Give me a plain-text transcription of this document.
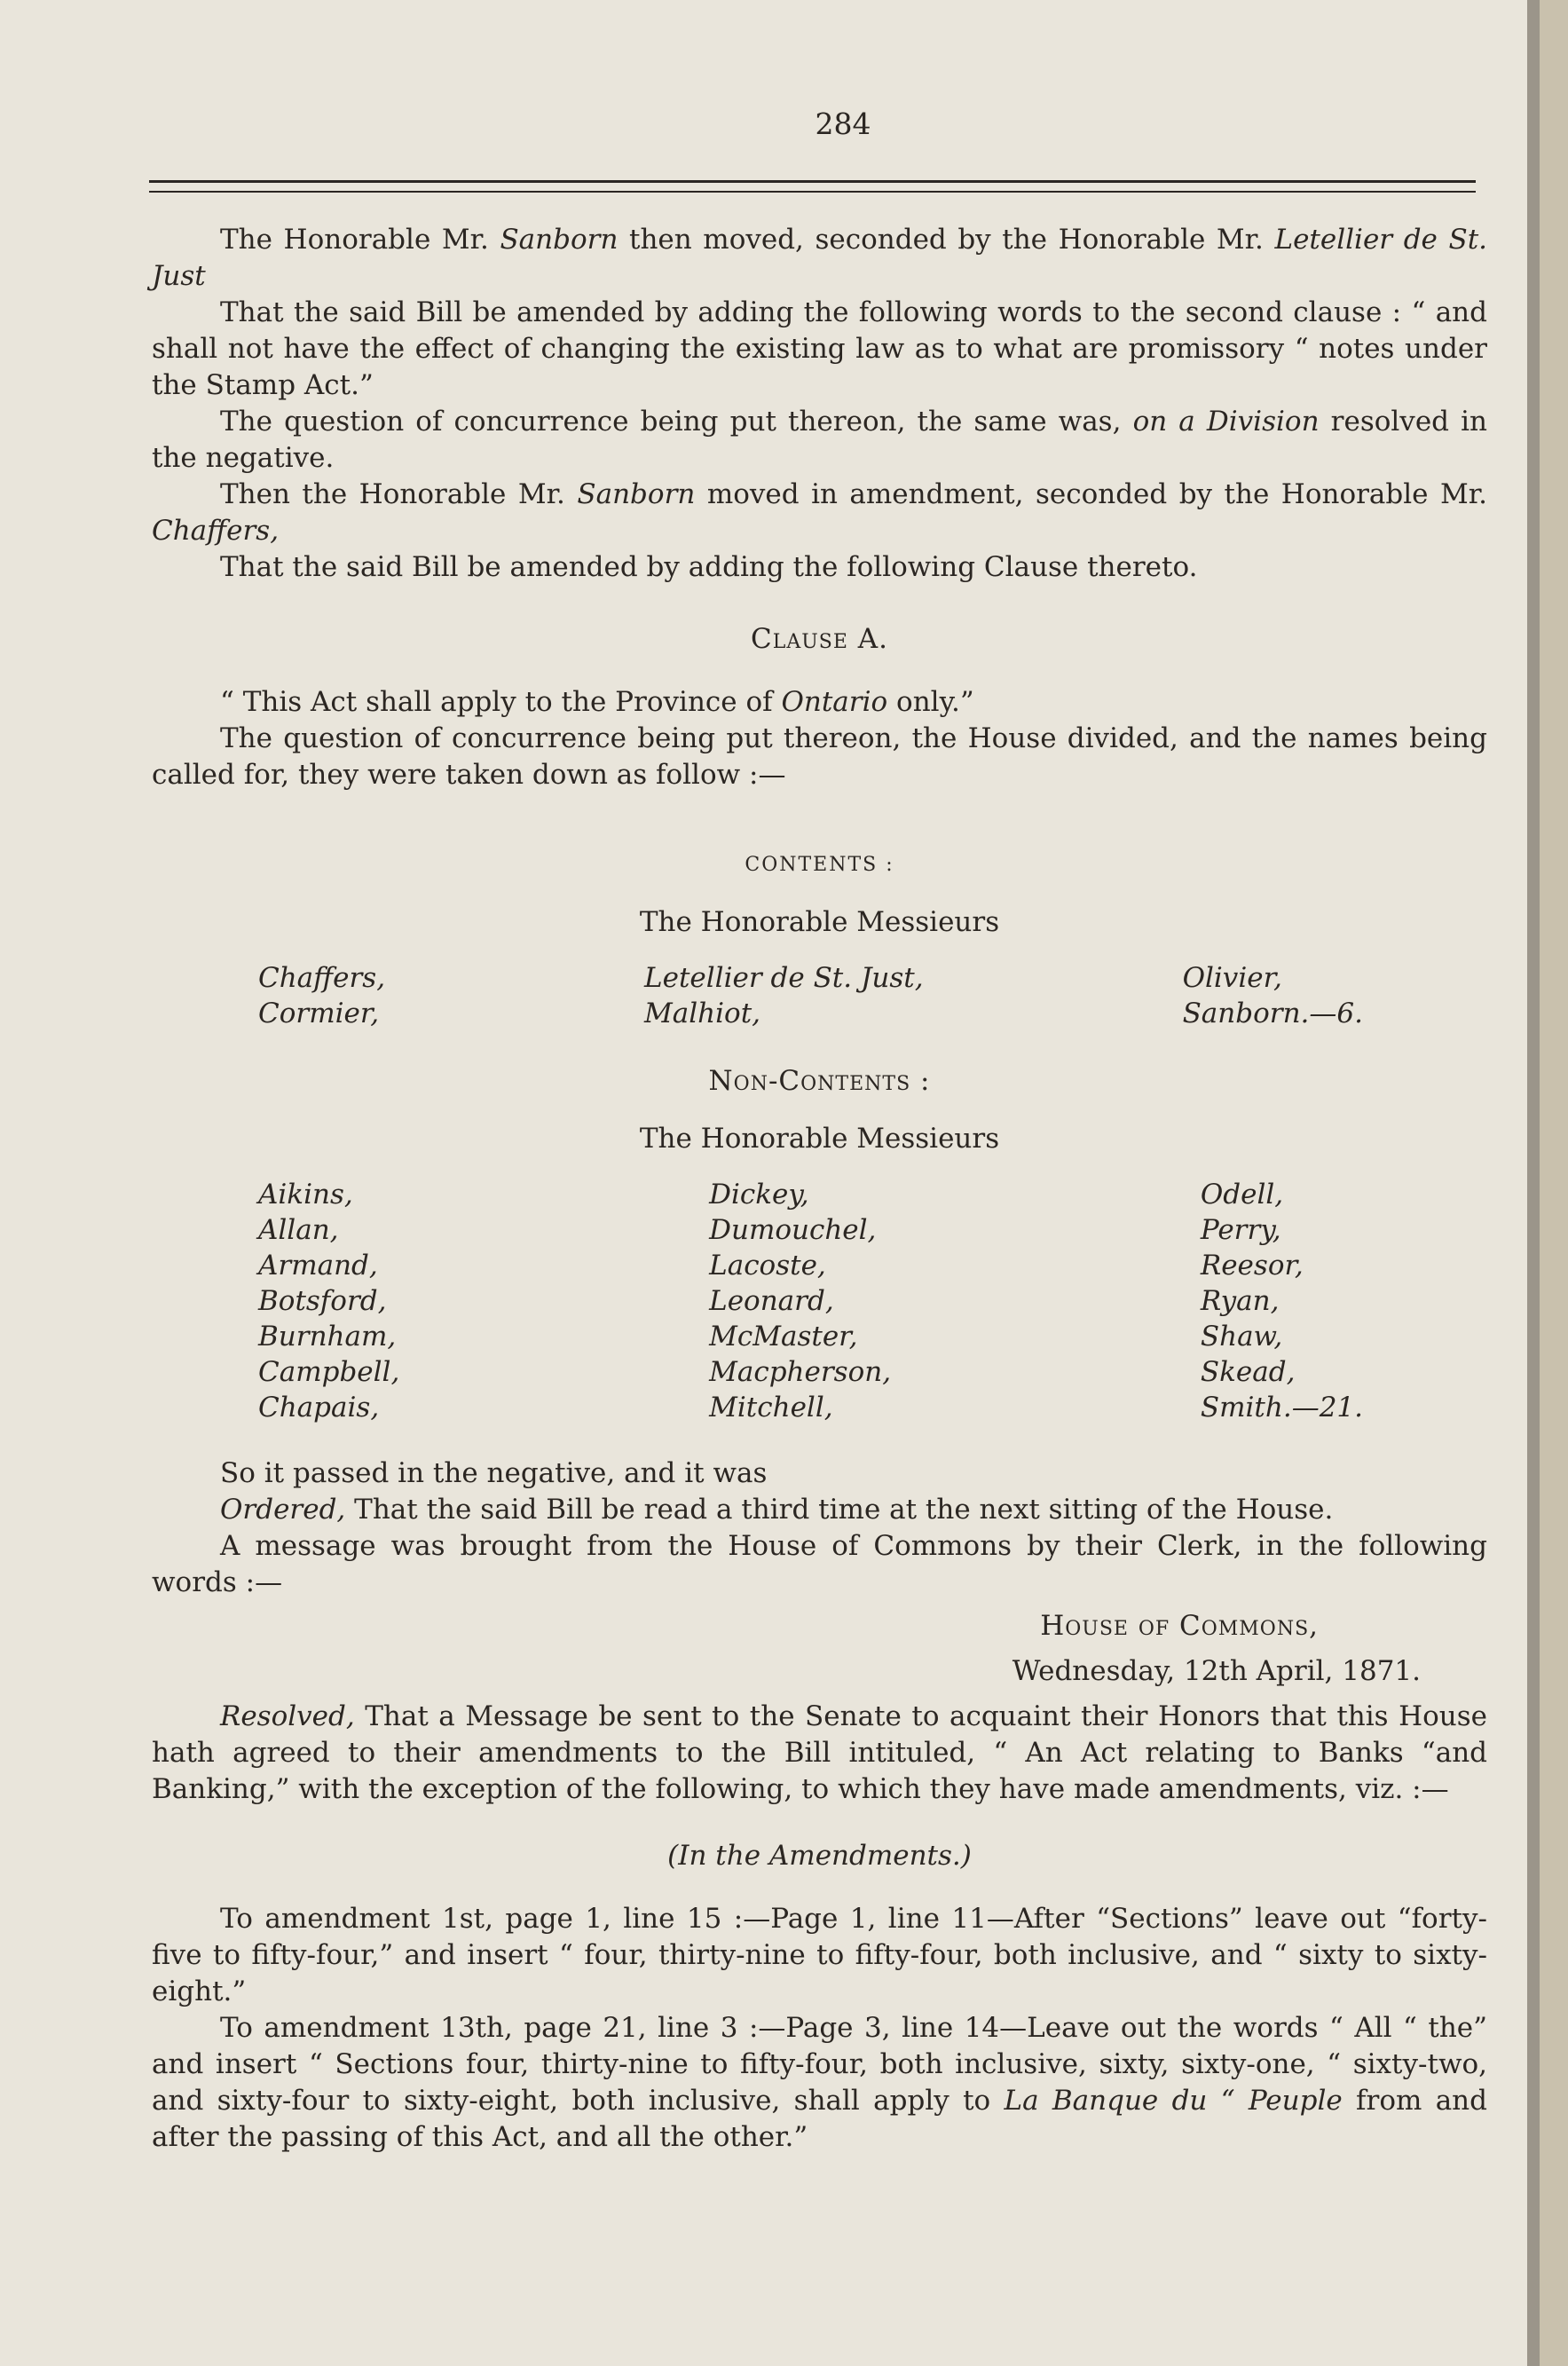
284

The Honorable Mr. Sanborn then moved, seconded by the Honorable Mr. Letellier de St. Just

That the said Bill be amended by adding the following words to the second clause : “ and shall not have the effect of changing the existing law as to what are promissory “ notes under the Stamp Act.”

The question of concurrence being put thereon, the same was, on a Division resolved in the negative.

Then the Honorable Mr. Sanborn moved in amendment, seconded by the Honorable Mr. Chaffers,

That the said Bill be amended by adding the following Clause thereto.

Clause A.

“ This Act shall apply to the Province of Ontario only.”

The question of concurrence being put thereon, the House divided, and the names being called for, they were taken down as follow :—

CONTENTS :
The Honorable Messieurs
Chaffers,
Cormier,
Letellier de St. Just,
Malhiot,
Olivier,
Sanborn.—6.
Non-Contents :
The Honorable Messieurs
Aikins,
Allan,
Armand,
Botsford,
Burnham,
Campbell,
Chapais,
Dickey,
Dumouchel,
Lacoste,
Leonard,
McMaster,
Macpherson,
Mitchell,
Odell,
Perry,
Reesor,
Ryan,
Shaw,
Skead,
Smith.—21.

So it passed in the negative, and it was

Ordered, That the said Bill be read a third time at the next sitting of the House.

A message was brought from the House of Commons by their Clerk, in the following words :—

House of Commons,

Wednesday, 12th April, 1871.

Resolved, That a Message be sent to the Senate to acquaint their Honors that this House hath agreed to their amendments to the Bill intituled, “ An Act relating to Banks “and Banking,” with the exception of the following, to which they have made amendments, viz. :—

(In the Amendments.)

To amendment 1st, page 1, line 15 :—Page 1, line 11—After “Sections” leave out “forty-five to fifty-four,” and insert “ four, thirty-nine to fifty-four, both inclusive, and “ sixty to sixty-eight.”

To amendment 13th, page 21, line 3 :—Page 3, line 14—Leave out the words “ All “ the” and insert “ Sections four, thirty-nine to fifty-four, both inclusive, sixty, sixty-one, “ sixty-two, and sixty-four to sixty-eight, both inclusive, shall apply to La Banque du “ Peuple from and after the passing of this Act, and all the other.”
